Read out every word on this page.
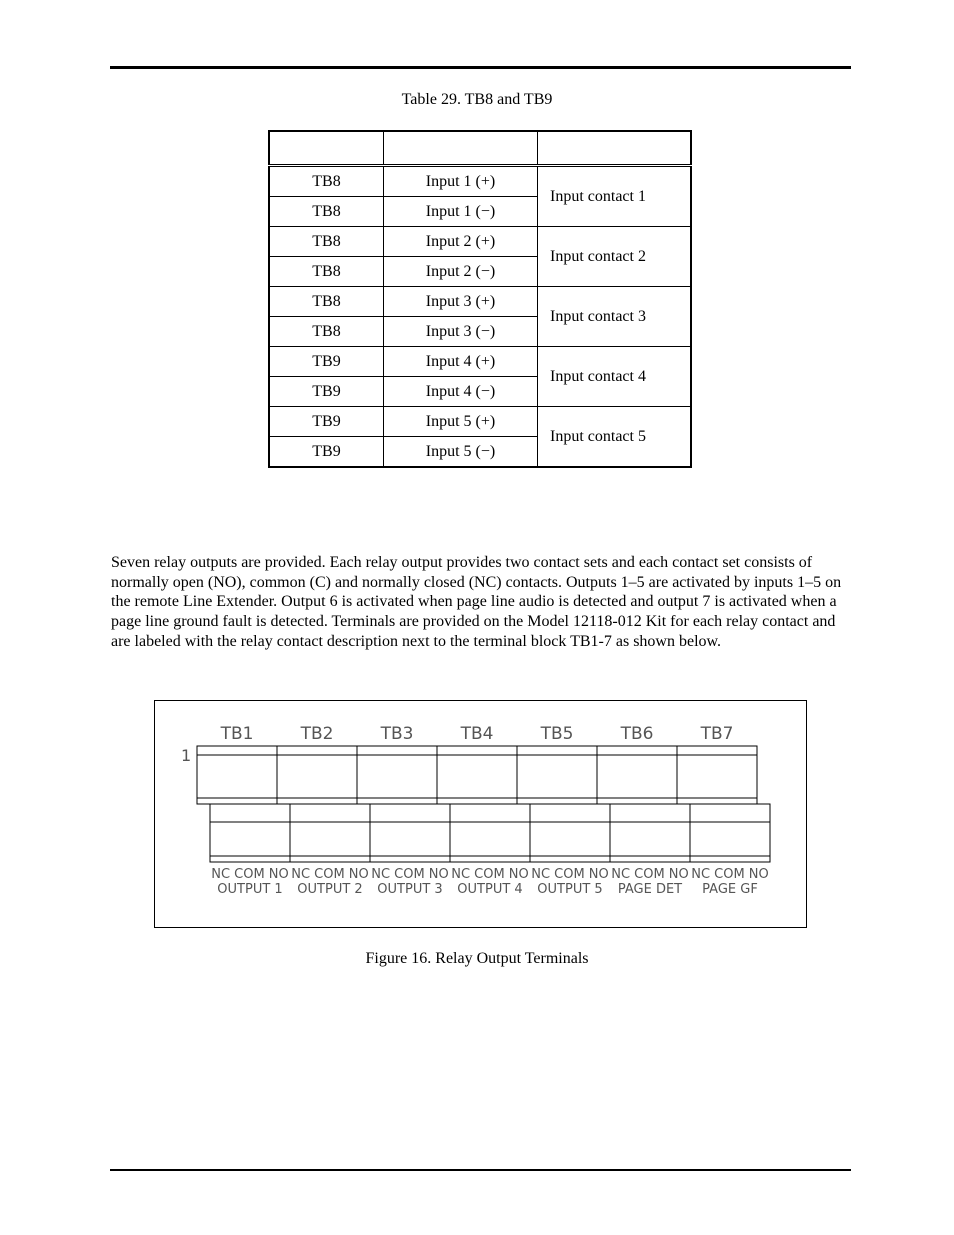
Table 29. TB8 and TB9

TB8	Input 1 (+)	Input contact 1
TB8	Input 1 (−)	
TB8	Input 2 (+)	Input contact 2
TB8	Input 2 (−)	
TB8	Input 3 (+)	Input contact 3
TB8	Input 3 (−)	
TB9	Input 4 (+)	Input contact 4
TB9	Input 4 (−)	
TB9	Input 5 (+)	Input contact 5
TB9	Input 5 (−)	
Seven relay outputs are provided. Each relay output provides two contact sets and each contact set consists of normally open (NO), common (C) and normally closed (NC) contacts. Outputs 1–5 are activated by inputs 1–5 on the remote Line Extender. Output 6 is activated when page line audio is detected and output 7 is activated when a page line ground fault is detected. Terminals are provided on the Model 12118-012 Kit for each relay contact and are labeled with the relay contact description next to the terminal block TB1-7 as shown below.
1
TB1
NC COM NO
OUTPUT 1
TB2
NC COM NO
OUTPUT 2
TB3
NC COM NO
OUTPUT 3
TB4
NC COM NO
OUTPUT 4
TB5
NC COM NO
OUTPUT 5
TB6
NC COM NO
PAGE DET
TB7
NC COM NO
PAGE GF
Figure 16. Relay Output Terminals
